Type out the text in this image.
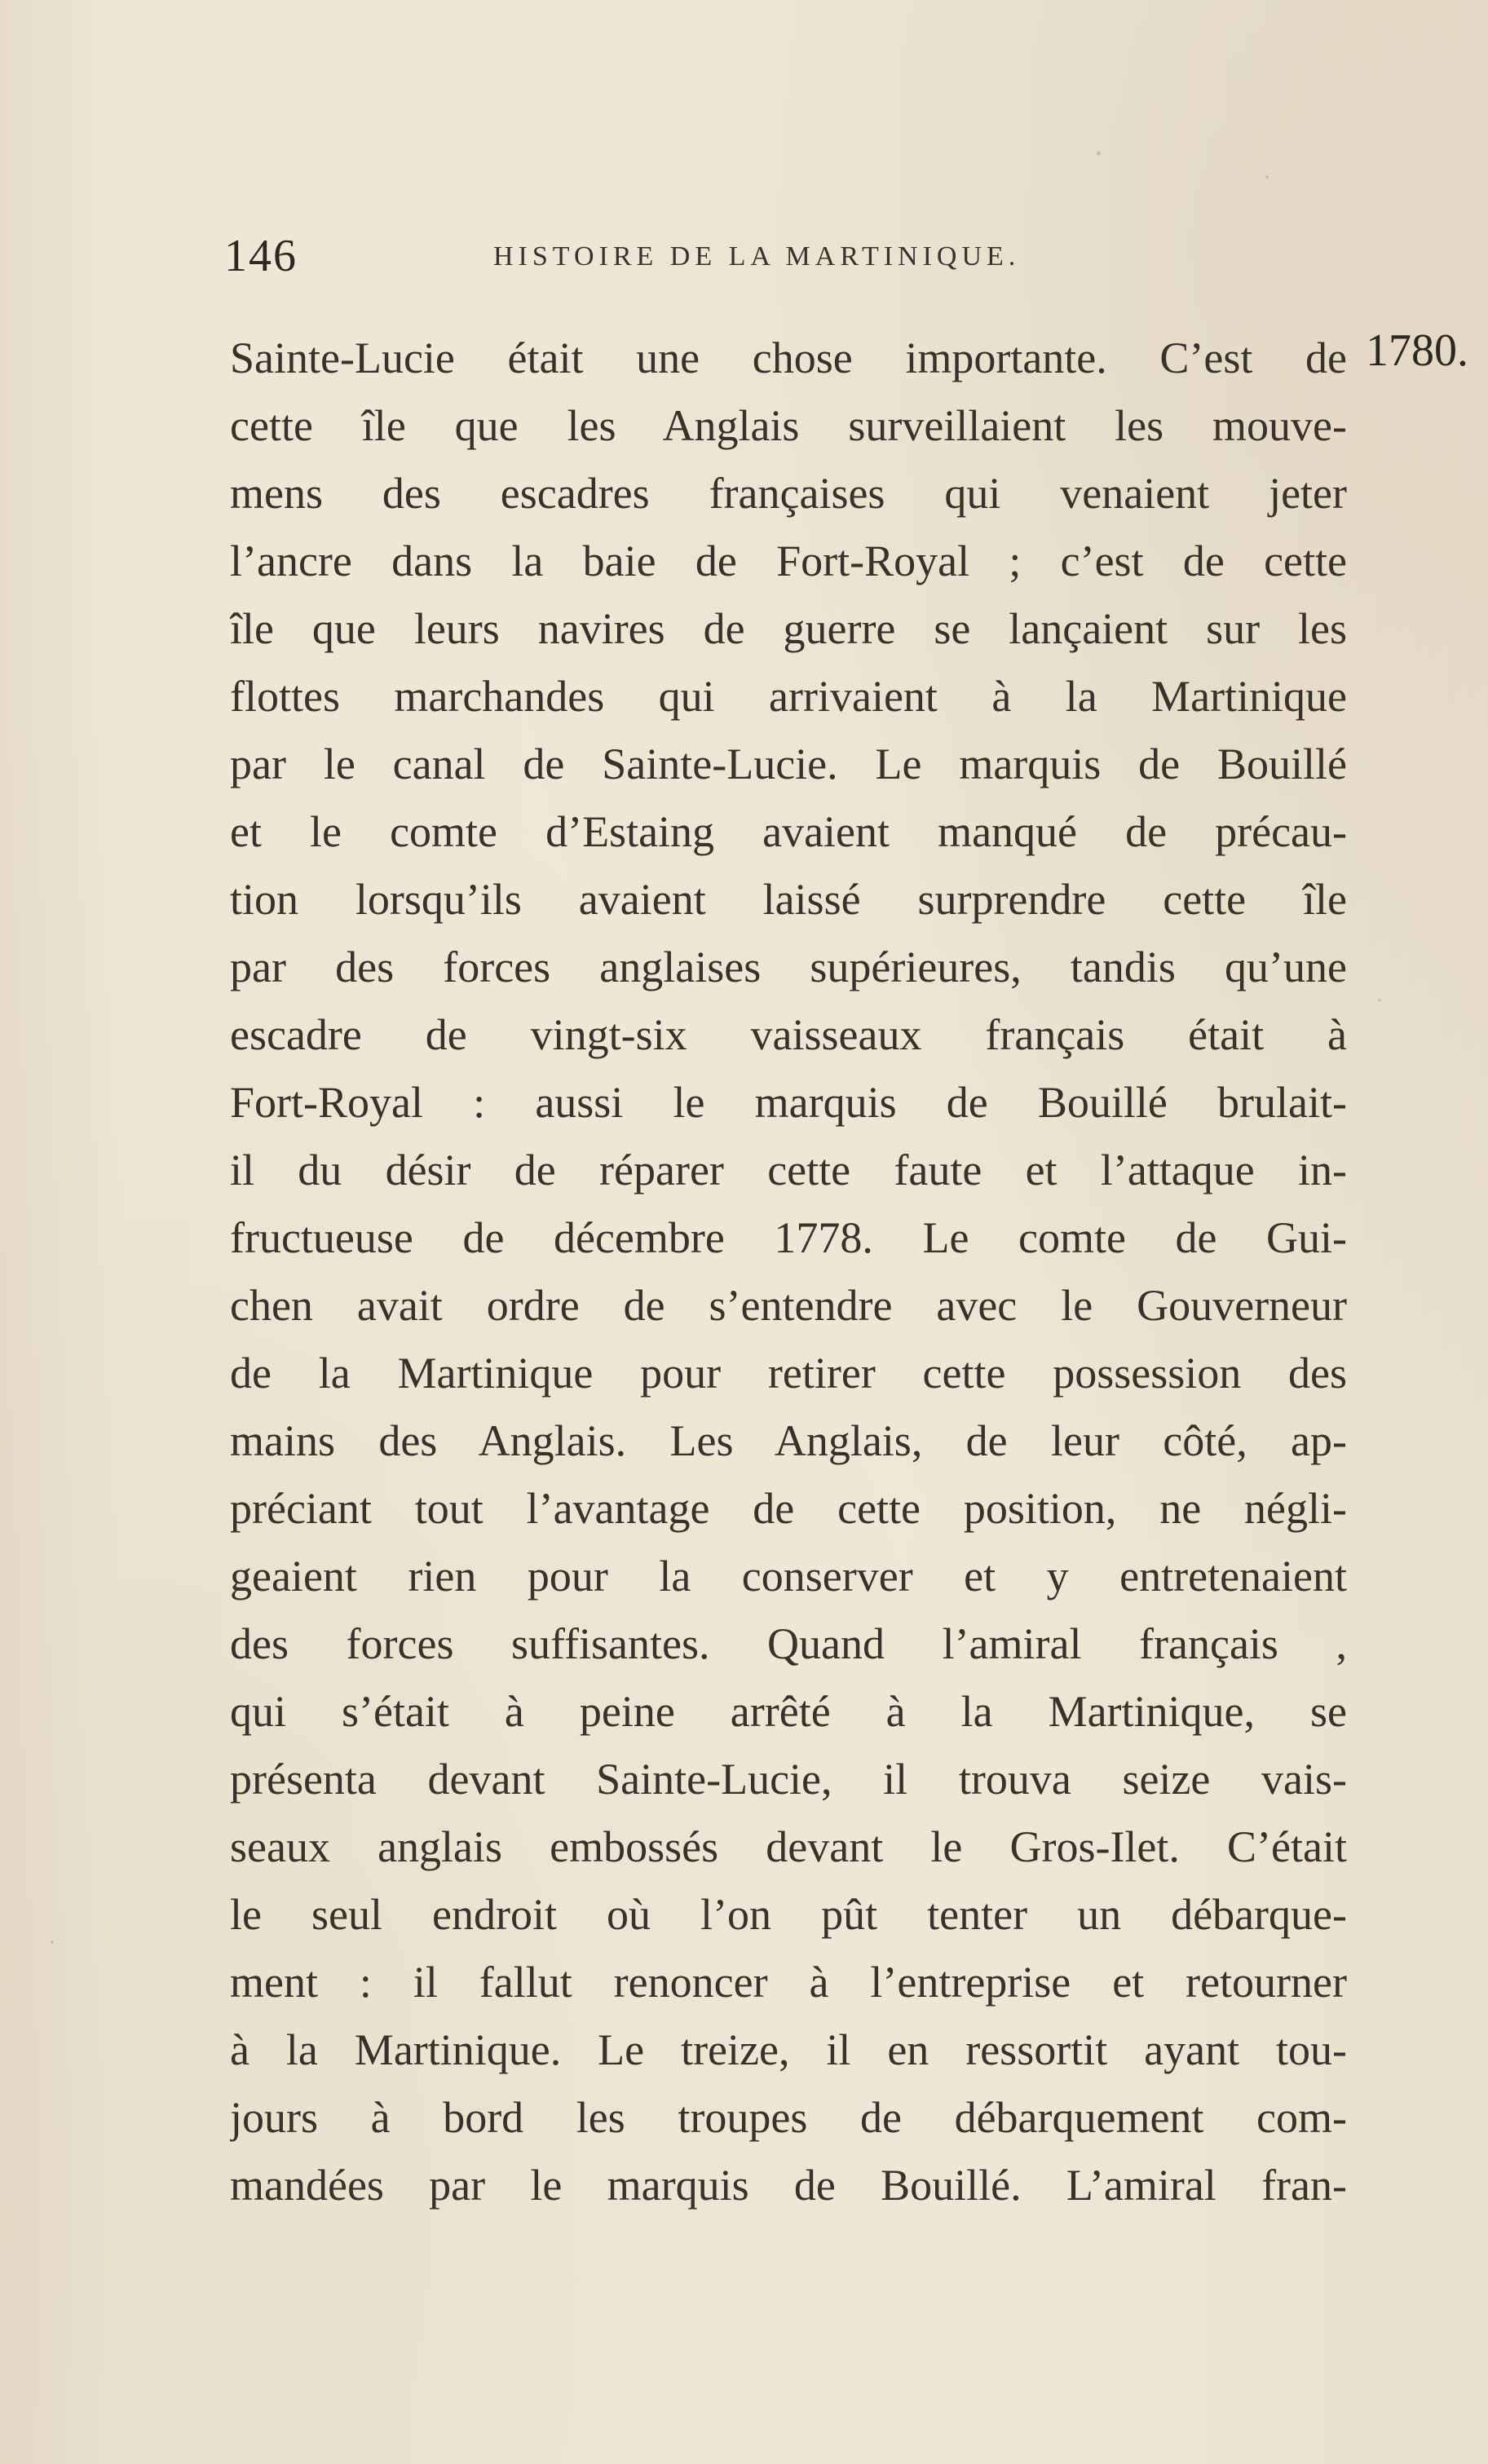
146	HISTOIRE DE LA MARTINIQUE.
1780.
Sainte-Lucie était une chose importante. C’est de
cette île que les Anglais surveillaient les mouve-
mens des escadres françaises qui venaient jeter
l’ancre dans la baie de Fort-Royal ; c’est de cette
île que leurs navires de guerre se lançaient sur les
flottes marchandes qui arrivaient à la Martinique
par le canal de Sainte-Lucie. Le marquis de Bouillé
et le comte d’Estaing avaient manqué de précau-
tion lorsqu’ils avaient laissé surprendre cette île
par des forces anglaises supérieures, tandis qu’une
escadre de vingt-six vaisseaux français était à
Fort-Royal : aussi le marquis de Bouillé brulait-
il du désir de réparer cette faute et l’attaque in-
fructueuse de décembre 1778. Le comte de Gui-
chen avait ordre de s’entendre avec le Gouverneur
de la Martinique pour retirer cette possession des
mains des Anglais. Les Anglais, de leur côté, ap-
préciant tout l’avantage de cette position, ne négli-
geaient rien pour la conserver et y entretenaient
des forces suffisantes. Quand l’amiral français ,
qui s’était à peine arrêté à la Martinique, se
présenta devant Sainte-Lucie, il trouva seize vais-
seaux anglais embossés devant le Gros-Ilet. C’était
le seul endroit où l’on pût tenter un débarque-
ment : il fallut renoncer à l’entreprise et retourner
à la Martinique. Le treize, il en ressortit ayant tou-
jours à bord les troupes de débarquement com-
mandées par le marquis de Bouillé. L’amiral fran-
